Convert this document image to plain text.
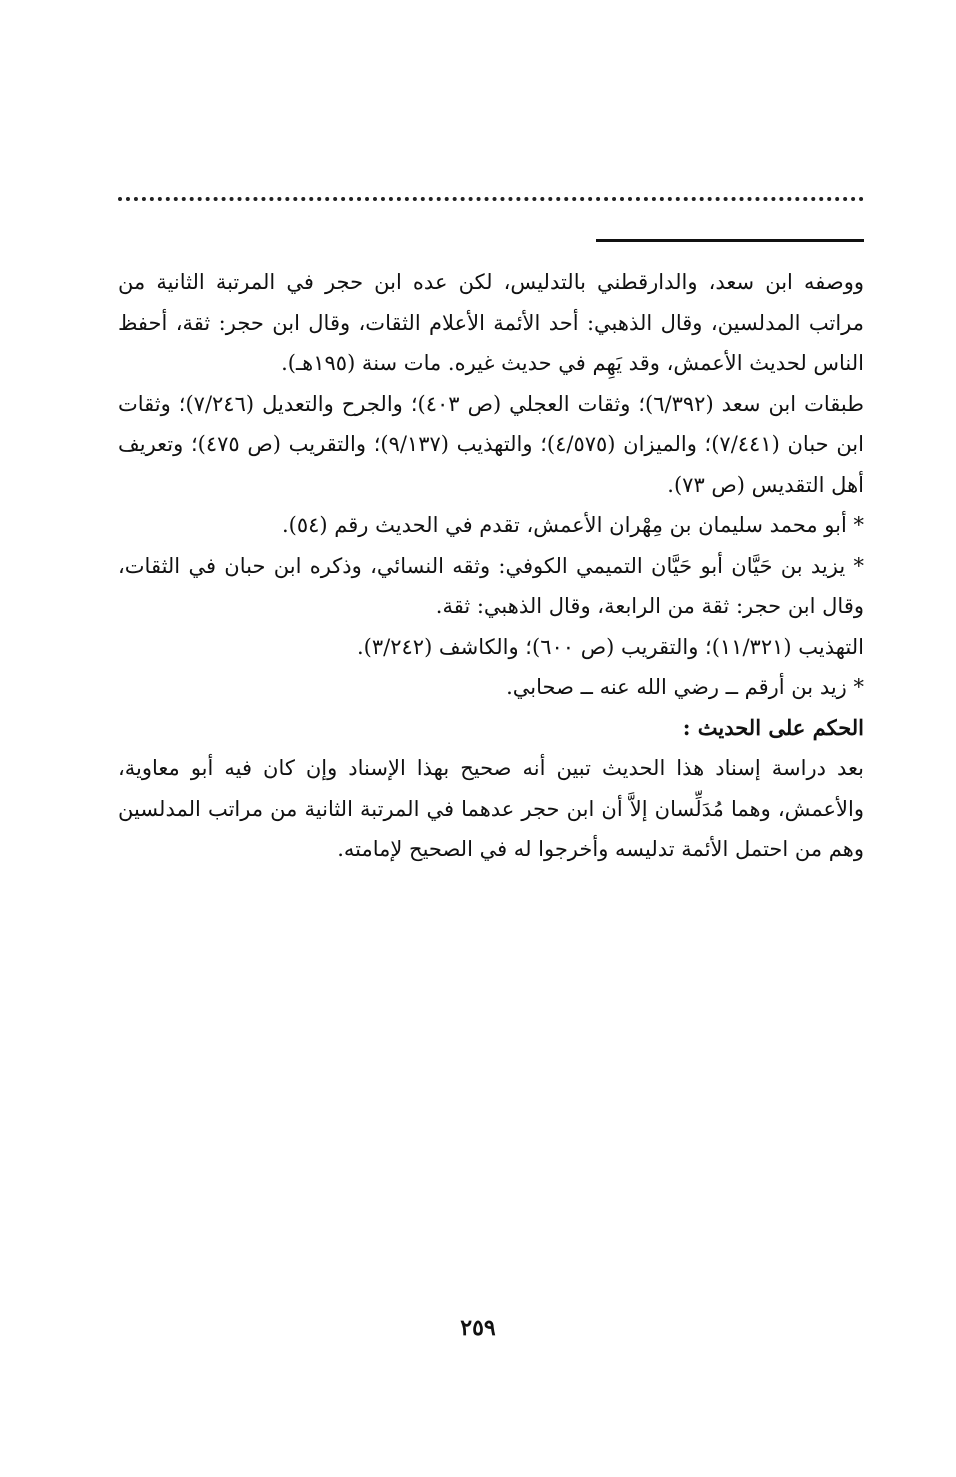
ووصفه ابن سعد، والدارقطني بالتدليس، لكن عده ابن حجر في المرتبة الثانية من مراتب المدلسين، وقال الذهبي: أحد الأئمة الأعلام الثقات، وقال ابن حجر: ثقة، أحفظ الناس لحديث الأعمش، وقد يَهِم في حديث غيره. مات سنة (١٩٥هـ).

طبقات ابن سعد (٦/٣٩٢)؛ وثقات العجلي (ص ٤٠٣)؛ والجرح والتعديل (٧/٢٤٦)؛ وثقات ابن حبان (٧/٤٤١)؛ والميزان (٤/٥٧٥)؛ والتهذيب (٩/١٣٧)؛ والتقريب (ص ٤٧٥)؛ وتعريف أهل التقديس (ص ٧٣).

* أبو محمد سليمان بن مِهْران الأعمش، تقدم في الحديث رقم (٥٤).

* يزيد بن حَيَّان أبو حَيَّان التميمي الكوفي: وثقه النسائي، وذكره ابن حبان في الثقات، وقال ابن حجر: ثقة من الرابعة، وقال الذهبي: ثقة.

التهذيب (١١/٣٢١)؛ والتقريب (ص ٦٠٠)؛ والكاشف (٣/٢٤٢).

* زيد بن أرقم ــ رضي الله عنه ــ صحابي.

الحكم على الحديث :

بعد دراسة إسناد هذا الحديث تبين أنه صحيح بهذا الإسناد وإن كان فيه أبو معاوية، والأعمش، وهما مُدَلِّسان إلاَّ أن ابن حجر عدهما في المرتبة الثانية من مراتب المدلسين وهم من احتمل الأئمة تدليسه وأخرجوا له في الصحيح لإمامته.

٢٥٩
